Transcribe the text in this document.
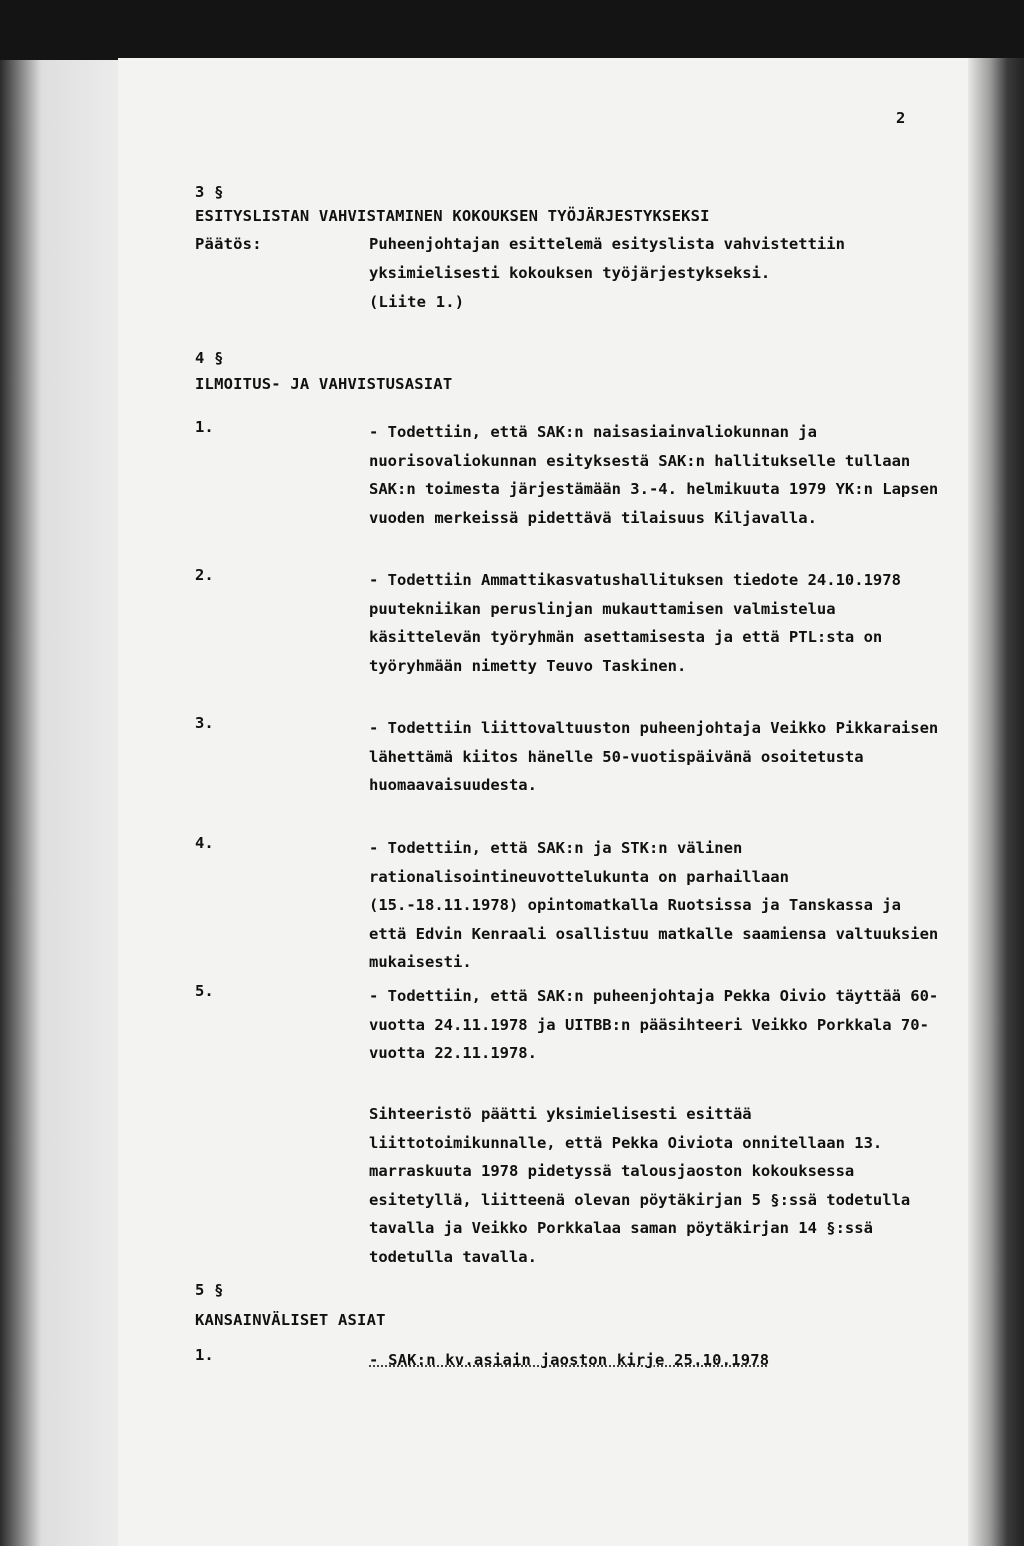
2
3 §
ESITYSLISTAN VAHVISTAMINEN KOKOUKSEN TYÖJÄRJESTYKSEKSI
Päätös:	Puheenjohtajan esittelemä esityslista vahvistettiin yksimielisesti kokouksen työjärjestykseksi.
(Liite 1.)
4 §
ILMOITUS- JA VAHVISTUSASIAT
1.	- Todettiin, että SAK:n naisasiainvaliokunnan ja nuorisovaliokunnan esityksestä SAK:n hallitukselle tullaan SAK:n toimesta järjestämään 3.-4. helmikuuta 1979 YK:n Lapsen vuoden merkeissä pidettävä tilaisuus Kiljavalla.
2.	- Todettiin Ammattikasvatushallituksen tiedote 24.10.1978 puutekniikan peruslinjan mukauttamisen valmistelua käsittelevän työryhmän asettamisesta ja että PTL:sta on työryhmään nimetty Teuvo Taskinen.
3.	- Todettiin liittovaltuuston puheenjohtaja Veikko Pikkaraisen lähettämä kiitos hänelle 50-vuotispäivänä osoitetusta huomaavaisuudesta.
4.	- Todettiin, että SAK:n ja STK:n välinen rationalisointineuvottelukunta on parhaillaan (15.-18.11.1978) opintomatkalla Ruotsissa ja Tanskassa ja että Edvin Kenraali osallistuu matkalle saamiensa valtuuksien mukaisesti.
5.	- Todettiin, että SAK:n puheenjohtaja Pekka Oivio täyttää 60-vuotta 24.11.1978 ja UITBB:n pääsihteeri Veikko Porkkala 70-vuotta 22.11.1978.
Sihteeristö päätti yksimielisesti esittää liittotoimikunnalle, että Pekka Oiviota onnitellaan 13. marraskuuta 1978 pidetyssä talousjaoston kokouksessa esitetyllä, liitteenä olevan pöytäkirjan 5 §:ssä todetulla tavalla ja Veikko Porkkalaa saman pöytäkirjan 14 §:ssä todetulla tavalla.
5 §
KANSAINVÄLISET ASIAT
1.	- SAK:n kv.asiain jaoston kirje 25.10.1978
